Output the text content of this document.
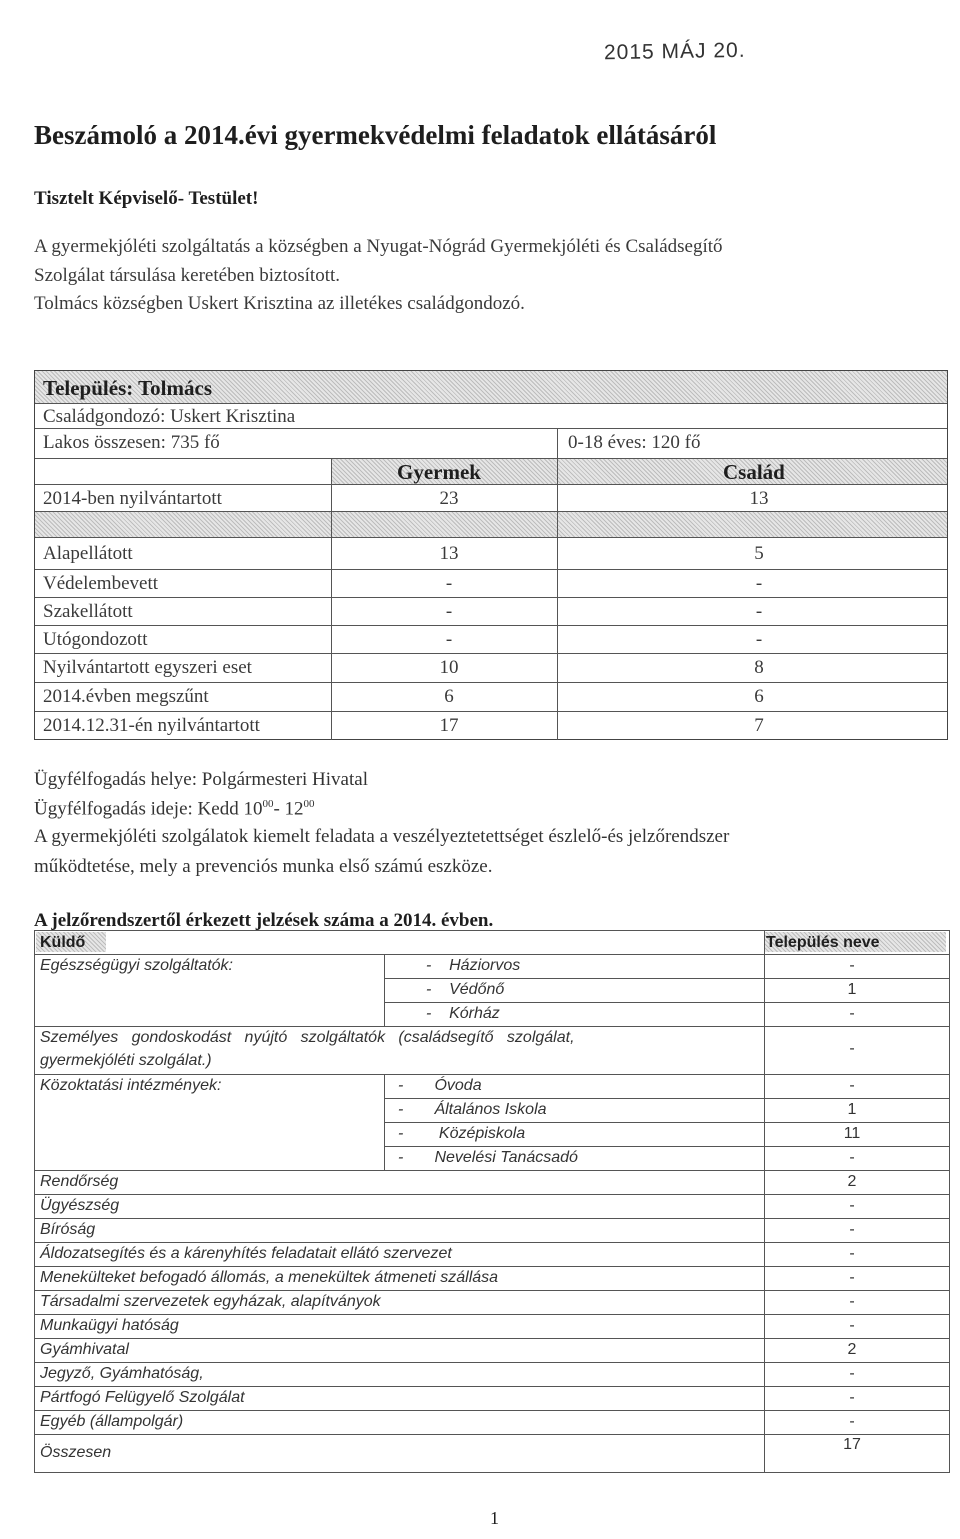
2015 MÁJ 20.
Beszámoló a 2014.évi gyermekvédelmi feladatok ellátásáról
Tisztelt Képviselő- Testület!
A gyermekjóléti szolgáltatás a községben a Nyugat-Nógrád Gyermekjóléti és Családsegítő
Szolgálat társulása keretében biztosított.
Tolmács községben Uskert Krisztina az illetékes családgondozó.
Település: Tolmács
Családgondozó: Uskert Krisztina
Lakos összesen: 735 fő	0-18 éves: 120 fő
Gyermek	Család
2014-ben nyilvántartott	23	13
Alapellátott	13	5
Védelembevett	-	-
Szakellátott	-	-
Utógondozott	-	-
Nyilvántartott egyszeri eset	10	8
2014.évben megszűnt	6	6
2014.12.31-én nyilvántartott	17	7
Ügyfélfogadás helye: Polgármesteri Hivatal
Ügyfélfogadás ideje: Kedd $10^{00}-$ $12^{00}$
A gyermekjóléti szolgálatok kiemelt feladata a veszélyeztetettséget észlelő-és jelzőrendszer
működtetése, mely a prevenciós munka első számú eszköze.
A jelzőrendszertől érkezett jelzések száma a 2014. évben.
Küldő	Település neve
Egészségügyi szolgáltatók:	-    Háziorvos	-
-    Védőnő	1
-    Kórház	-
Személyes   gondoskodást   nyújtó   szolgáltatók   (családsegítő   szolgálat,
gyermekjóléti szolgálat.)
-
Közoktatási intézmények:	-       Óvoda	-
-       Általános Iskola	1
-        Középiskola	11
-       Nevelési Tanácsadó	-
Rendőrség	2
Ügyészség	-
Bíróság	-
Áldozatsegítés és a kárenyhítés feladatait ellátó szervezet	-
Menekülteket befogadó állomás, a menekültek átmeneti szállása	-
Társadalmi szervezetek egyházak, alapítványok	-
Munkaügyi hatóság	-
Gyámhivatal	2
Jegyző, Gyámhatóság,	-
Pártfogó Felügyelő Szolgálat	-
Egyéb (állampolgár)	-
Összesen	17
1
